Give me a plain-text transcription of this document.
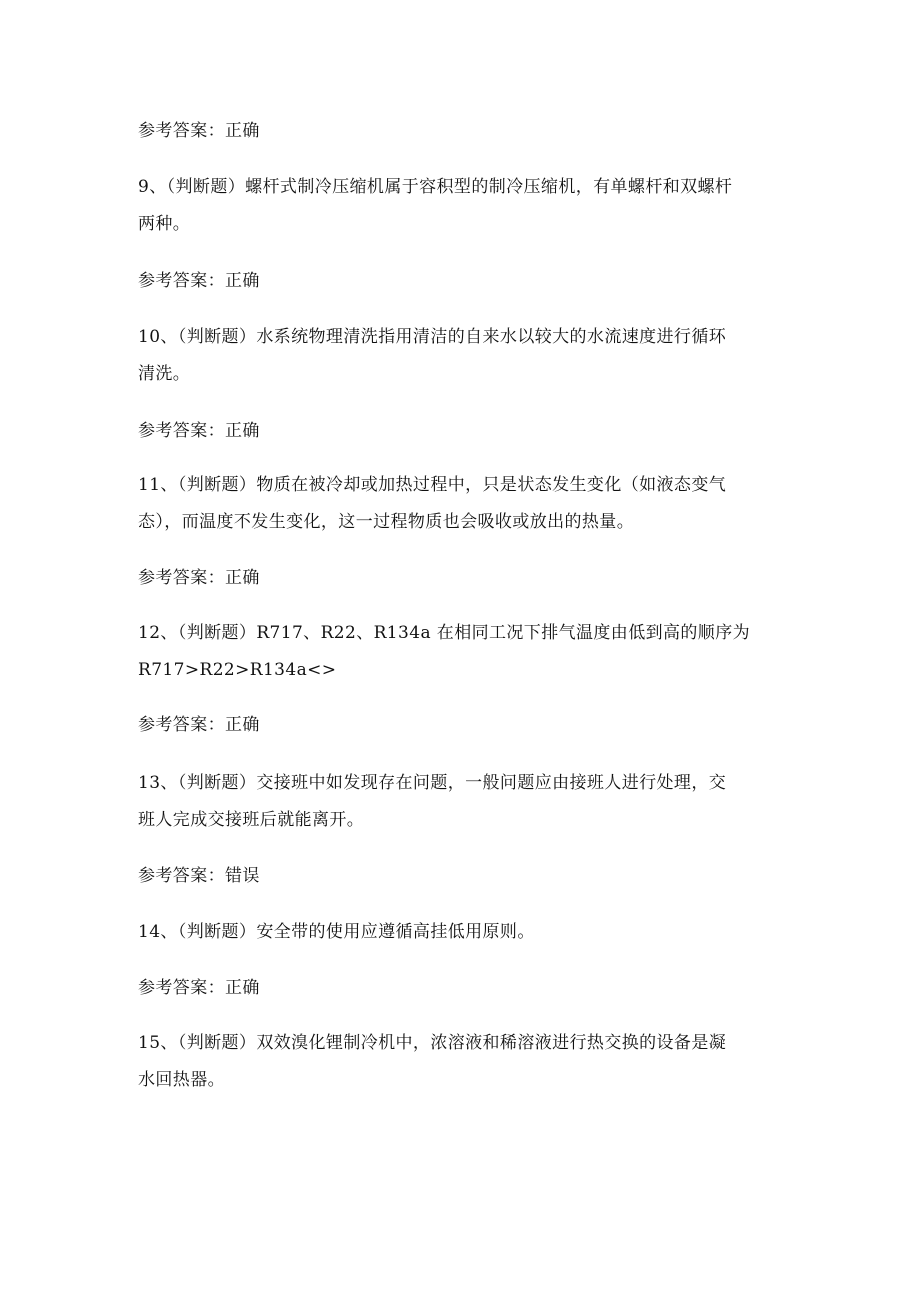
参考答案：正确
9、（判断题）螺杆式制冷压缩机属于容积型的制冷压缩机，有单螺杆和双螺杆
两种。
参考答案：正确
10、（判断题）水系统物理清洗指用清洁的自来水以较大的水流速度进行循环
清洗。
参考答案：正确
11、（判断题）物质在被冷却或加热过程中，只是状态发生变化（如液态变气
态），而温度不发生变化，这一过程物质也会吸收或放出的热量。
参考答案：正确
12、（判断题）R717、R22、R134a 在相同工况下排气温度由低到高的顺序为
R717>R22>R134a<>
参考答案：正确
13、（判断题）交接班中如发现存在问题，一般问题应由接班人进行处理，交
班人完成交接班后就能离开。
参考答案：错误
14、（判断题）安全带的使用应遵循高挂低用原则。
参考答案：正确
15、（判断题）双效溴化锂制冷机中，浓溶液和稀溶液进行热交换的设备是凝
水回热器。
